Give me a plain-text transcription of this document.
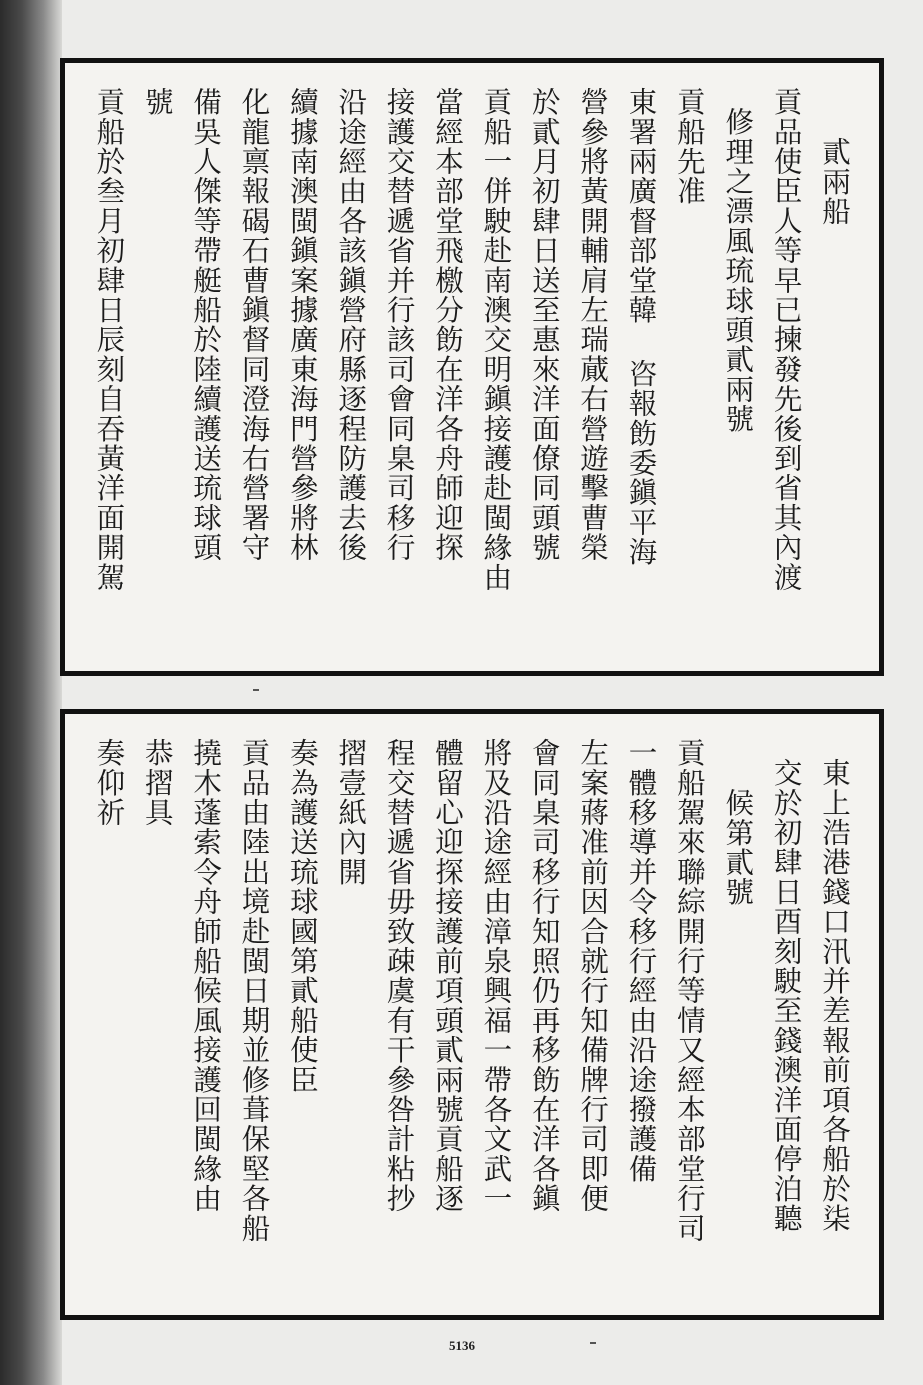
貳兩船
貢品使臣人等早已揀發先後到省其內渡
修理之漂風琉球頭貳兩號
貢船先准
東署兩廣督部堂韓 咨報飭委鎭平海
營參將黃開輔肩左瑞蕆右營遊擊曹榮
於貳月初肆日送至惠來洋面僚同頭號
貢船一併駛赴南澳交明鎭接護赴閩緣由
當經本部堂飛檄分飭在洋各舟師迎探
接護交替遞省并行該司會同臬司移行
沿途經由各該鎭營府縣逐程防護去後
續據南澳閩鎭案據廣東海門營參將林
化龍禀報碣石曹鎭督同澄海右營署守
備吳人傑等帶艇船於陸續護送琉球頭
號
貢船於叁月初肆日辰刻自吞黃洋面開駕
東上浩港錢口汛并差報前項各船於柒
交於初肆日酉刻駛至錢澳洋面停泊聽
候第貳號
貢船駕來聯綜開行等情又經本部堂行司
一體移導并令移行經由沿途撥護備
左案蔣准前因合就行知備牌行司即便
會同臬司移行知照仍再移飭在洋各鎭
將及沿途經由漳泉興福一帶各文武一
體留心迎探接護前項頭貳兩號貢船逐
程交替遞省毋致疎虞有干參咎計粘抄
摺壹紙內開
奏為護送琉球國第貳船使臣
貢品由陸出境赴閩日期並修葺保堅各船
撓木蓬索令舟師船候風接護回閩緣由
恭摺具
奏仰祈
5136
